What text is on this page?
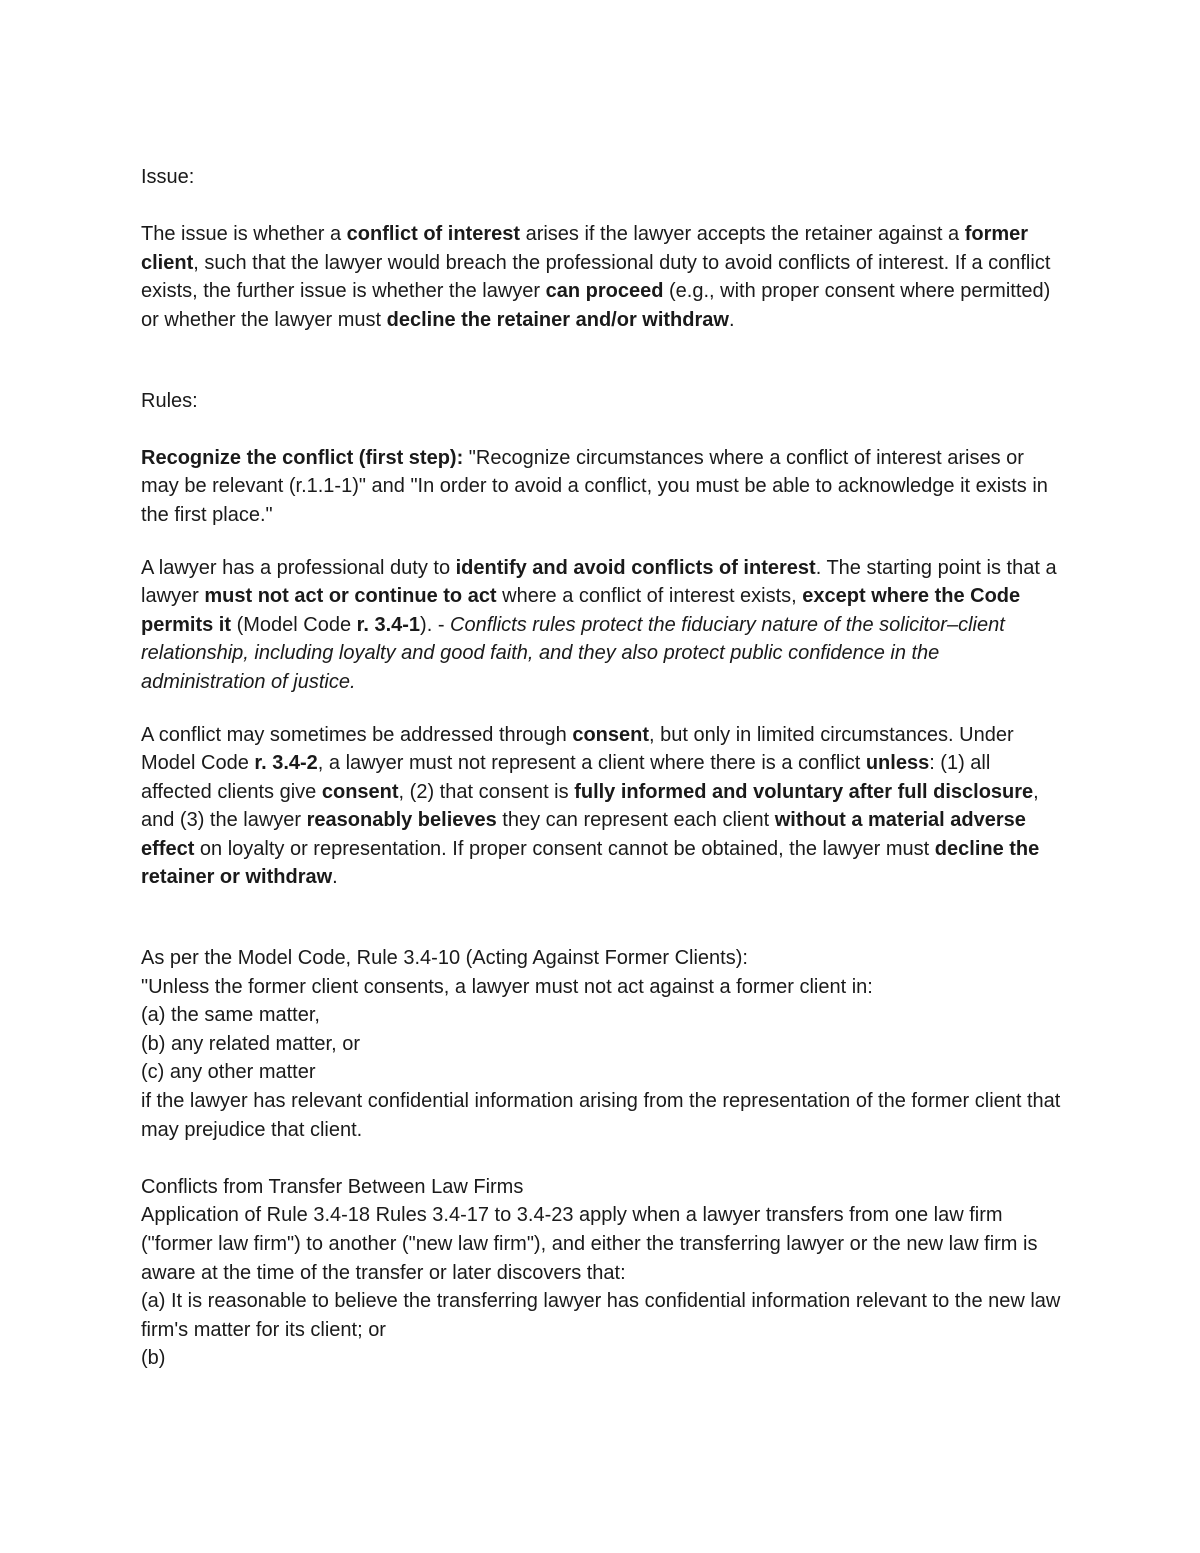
Issue:

The issue is whether a conflict of interest arises if the lawyer accepts the retainer against a former client, such that the lawyer would breach the professional duty to avoid conflicts of interest. If a conflict exists, the further issue is whether the lawyer can proceed (e.g., with proper consent where permitted) or whether the lawyer must decline the retainer and/or withdraw.

Rules:

Recognize the conflict (first step): "Recognize circumstances where a conflict of interest arises or may be relevant (r.1.1-1)" and "In order to avoid a conflict, you must be able to acknowledge it exists in the first place."

A lawyer has a professional duty to identify and avoid conflicts of interest. The starting point is that a lawyer must not act or continue to act where a conflict of interest exists, except where the Code permits it (Model Code r. 3.4-1). - Conflicts rules protect the fiduciary nature of the solicitor–client relationship, including loyalty and good faith, and they also protect public confidence in the administration of justice.

A conflict may sometimes be addressed through consent, but only in limited circumstances. Under Model Code r. 3.4-2, a lawyer must not represent a client where there is a conflict unless: (1) all affected clients give consent, (2) that consent is fully informed and voluntary after full disclosure, and (3) the lawyer reasonably believes they can represent each client without a material adverse effect on loyalty or representation. If proper consent cannot be obtained, the lawyer must decline the retainer or withdraw.

As per the Model Code, Rule 3.4-10 (Acting Against Former Clients):
"Unless the former client consents, a lawyer must not act against a former client in:
(a) the same matter,
(b) any related matter, or
(c) any other matter
if the lawyer has relevant confidential information arising from the representation of the former client that may prejudice that client.
Conflicts from Transfer Between Law Firms
Application of Rule 3.4-18 Rules 3.4-17 to 3.4-23 apply when a lawyer transfers from one law firm ("former law firm") to another ("new law firm"), and either the transferring lawyer or the new law firm is aware at the time of the transfer or later discovers that:
(a) It is reasonable to believe the transferring lawyer has confidential information relevant to the new law firm's matter for its client; or
(b)
